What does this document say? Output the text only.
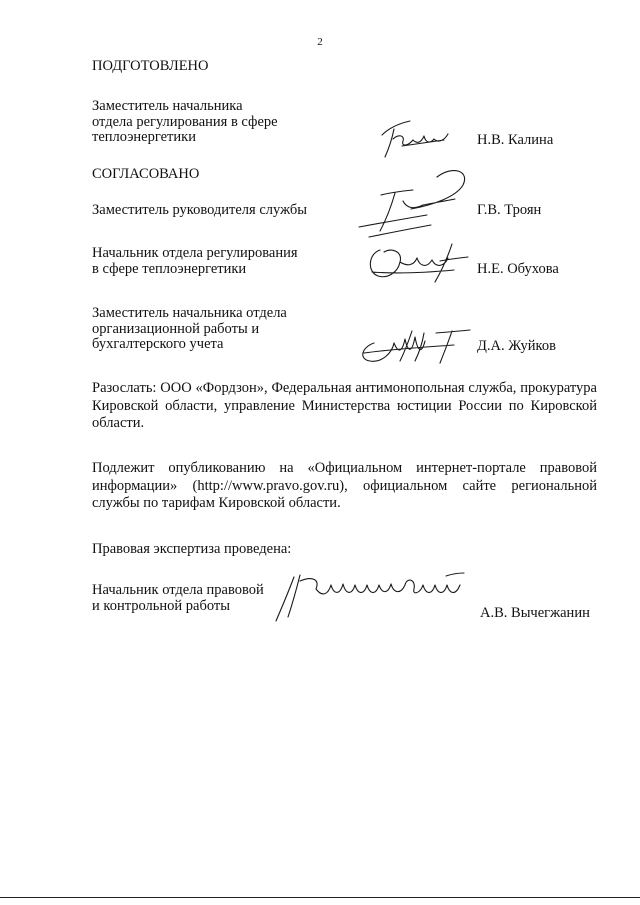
2
ПОДГОТОВЛЕНО
Заместитель начальника
отдела регулирования в сфере
теплоэнергетики	Н.В. Калина
СОГЛАСОВАНО
Заместитель руководителя службы	Г.В. Троян
Начальник отдела регулирования
в сфере теплоэнергетики	Н.Е. Обухова
Заместитель начальника отдела
организационной работы и
бухгалтерского учета	Д.А. Жуйков
Разослать: ООО «Фордзон», Федеральная антимонопольная служба, прокуратура Кировской области, управление Министерства юстиции России по Кировской области.
Подлежит опубликованию на «Официальном интернет-портале правовой информации» (http://www.pravo.gov.ru), официальном сайте региональной службы по тарифам Кировской области.
Правовая экспертиза проведена:
Начальник отдела правовой
и контрольной работы	А.В. Вычегжанин
